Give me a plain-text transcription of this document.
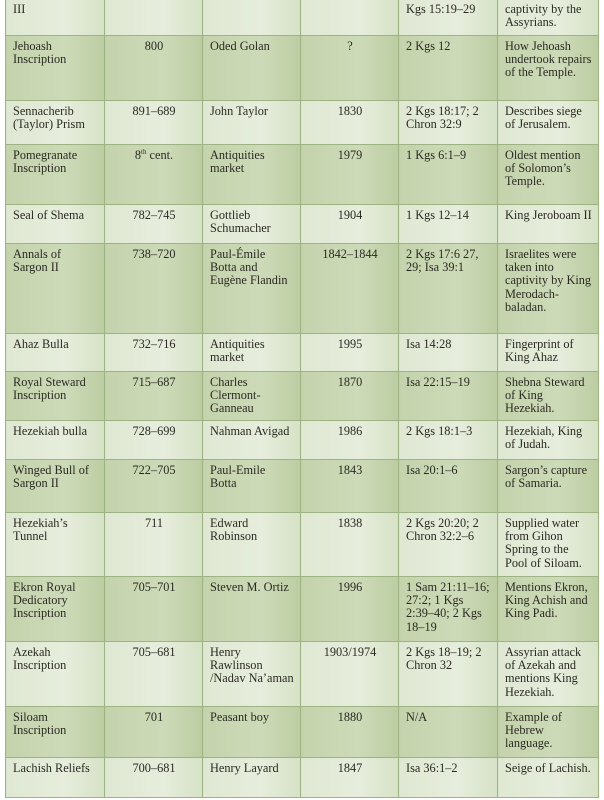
III				Kgs 15:19–29	captivity by the Assyrians.
Jehoash Inscription	800	Oded Golan	?	2 Kgs 12	How Jehoash undertook repairs of the Temple.
Sennacherib (Taylor) Prism	891–689	John Taylor	1830	2 Kgs 18:17; 2 Chron 32:9	Describes siege of Jerusalem.
Pomegranate Inscription	8th cent.	Antiquities market	1979	1 Kgs 6:1–9	Oldest mention of Solomon’s Temple.
Seal of Shema	782–745	Gottlieb Schumacher	1904	1 Kgs 12–14	King Jeroboam II
Annals of Sargon II	738–720	Paul-Émile Botta and Eugène Flandin	1842–1844	2 Kgs 17:6 27, 29; Isa 39:1	Israelites were taken into captivity by King Merodach-baladan.
Ahaz Bulla	732–716	Antiquities market	1995	Isa 14:28	Fingerprint of King Ahaz
Royal Steward Inscription	715–687	Charles Clermont-Ganneau	1870	Isa 22:15–19	Shebna Steward of King Hezekiah.
Hezekiah bulla	728–699	Nahman Avigad	1986	2 Kgs 18:1–3	Hezekiah, King of Judah.
Winged Bull of Sargon II	722–705	Paul-Emile Botta	1843	Isa 20:1–6	Sargon’s capture of Samaria.
Hezekiah’s Tunnel	711	Edward Robinson	1838	2 Kgs 20:20; 2 Chron 32:2–6	Supplied water from Gihon Spring to the Pool of Siloam.
Ekron Royal Dedicatory Inscription	705–701	Steven M. Ortiz	1996	1 Sam 21:11–16; 27:2; 1 Kgs 2:39–40; 2 Kgs 18–19	Mentions Ekron, King Achish and King Padi.
Azekah Inscription	705–681	Henry Rawlinson /Nadav Na’aman	1903/1974	2 Kgs 18–19; 2 Chron 32	Assyrian attack of Azekah and mentions King Hezekiah.
Siloam Inscription	701	Peasant boy	1880	N/A	Example of Hebrew language.
Lachish Reliefs	700–681	Henry Layard	1847	Isa 36:1–2	Seige of Lachish.
